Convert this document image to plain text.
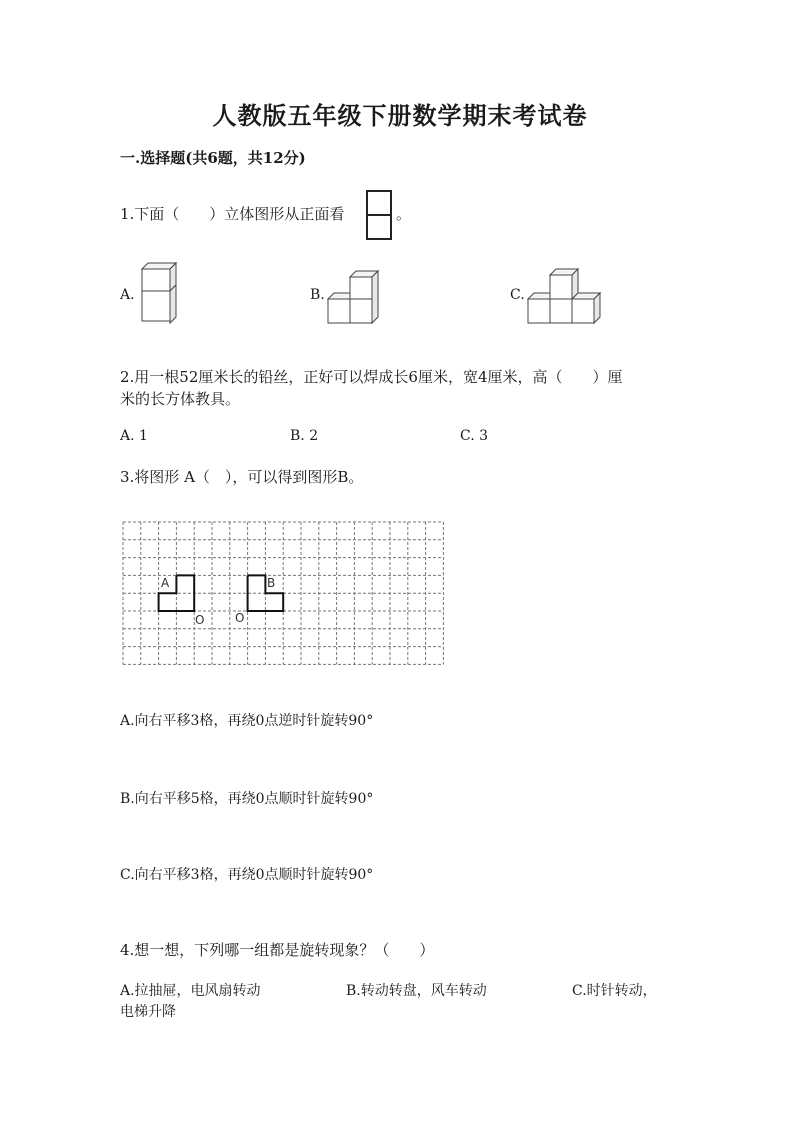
人教版五年级下册数学期末考试卷
一.选择题(共6题，共12分)
1.下面（　　）立体图形从正面看	。
A.	B.	C.
2.用一根52厘米长的铅丝，正好可以焊成长6厘米，宽4厘米，高（　　）厘
米的长方体教具。
A. 1	B. 2	C. 3
3.将图形 A（　），可以得到图形B。
A
O	O
B
A.向右平移3格，再绕0点逆时针旋转90°
B.向右平移5格，再绕0点顺时针旋转90°
C.向右平移3格，再绕0点顺时针旋转90°
4.想一想，下列哪一组都是旋转现象？（　　）
A.拉抽屉，电风扇转动	B.转动转盘，风车转动	C.时针转动，
电梯升降
